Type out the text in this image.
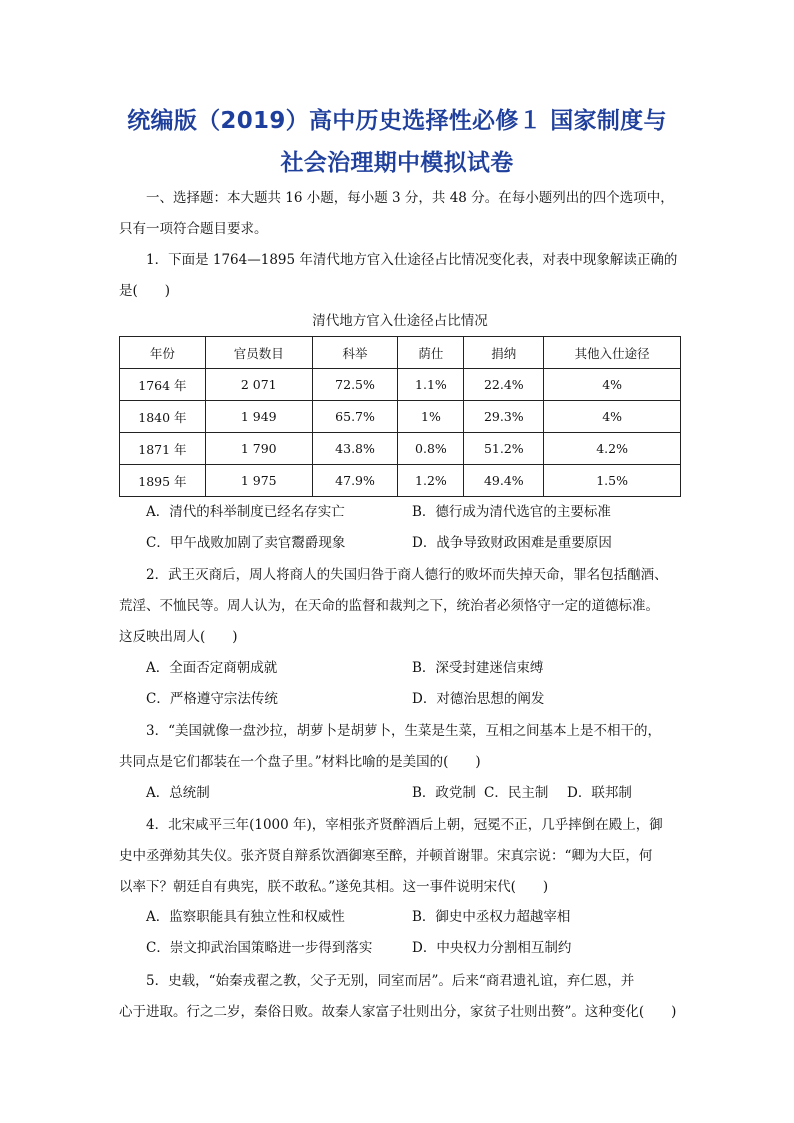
统编版（2019）高中历史选择性必修１ 国家制度与
社会治理期中模拟试卷
一、选择题：本大题共 16 小题，每小题 3 分，共 48 分。在每小题列出的四个选项中，
只有一项符合题目要求。
1．下面是 1764—1895 年清代地方官入仕途径占比情况变化表，对表中现象解读正确的
是(　　)
清代地方官入仕途径占比情况
年份	官员数目	科举	荫仕	捐纳	其他入仕途径
1764 年	2 071	72.5%	1.1%	22.4%	4%
1840 年	1 949	65.7%	1%	29.3%	4%
1871 年	1 790	43.8%	0.8%	51.2%	4.2%
1895 年	1 975	47.9%	1.2%	49.4%	1.5%
A．清代的科举制度已经名存实亡	B．德行成为清代选官的主要标准
C．甲午战败加剧了卖官鬻爵现象	D．战争导致财政困难是重要原因
2．武王灭商后，周人将商人的失国归咎于商人德行的败坏而失掉天命，罪名包括酗酒、
荒淫、不恤民等。周人认为，在天命的监督和裁判之下，统治者必须恪守一定的道德标准。
这反映出周人(　　)
A．全面否定商朝成就	B．深受封建迷信束缚
C．严格遵守宗法传统	D．对德治思想的阐发
3．“美国就像一盘沙拉，胡萝卜是胡萝卜，生菜是生菜，互相之间基本上是不相干的，
共同点是它们都装在一个盘子里。”材料比喻的是美国的(　　)
A．总统制	B．政党制 C．民主制 D．联邦制
4．北宋咸平三年(1000 年)，宰相张齐贤醉酒后上朝，冠冕不正，几乎摔倒在殿上，御
史中丞弹劾其失仪。张齐贤自辩系饮酒御寒至醉，并顿首谢罪。宋真宗说：“卿为大臣，何
以率下？朝廷自有典宪，朕不敢私。”遂免其相。这一事件说明宋代(　　)
A．监察职能具有独立性和权威性	B．御史中丞权力超越宰相
C．崇文抑武治国策略进一步得到落实	D．中央权力分割相互制约
5．史载，“始秦戎翟之教，父子无别，同室而居”。后来“商君遗礼谊，弃仁恩，并
心于进取。行之二岁，秦俗日败。故秦人家富子壮则出分，家贫子壮则出赘”。这种变化(　　)
